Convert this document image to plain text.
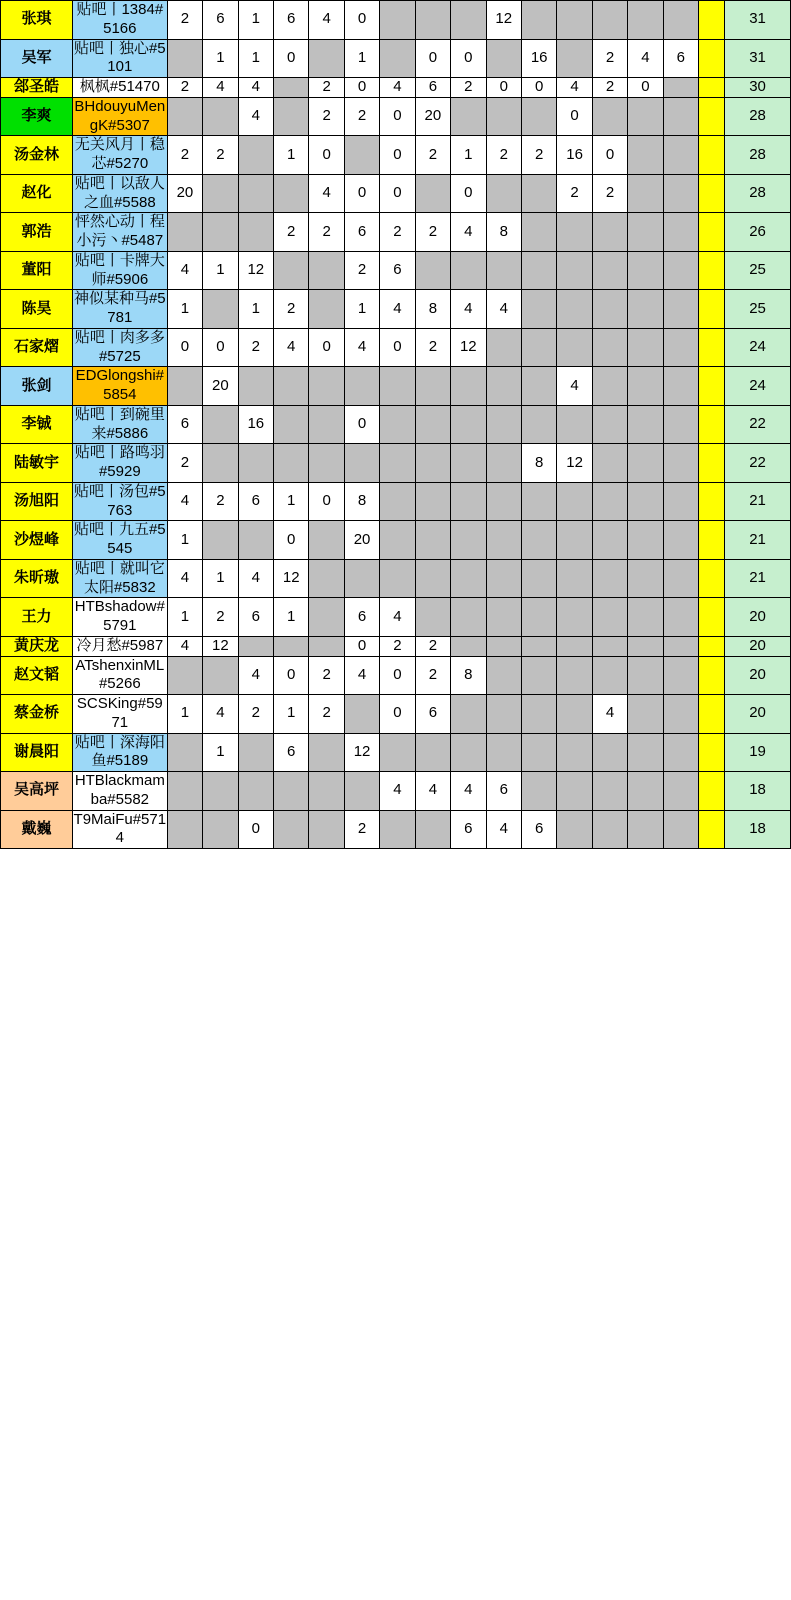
张琪	贴吧丨1384#5166	2	6	1	6	4	0				12							31
吴军	贴吧丨独心#5101		1	1	0		1		0	0		16		2	4	6		31
郐圣皓	枫枫#51470	2	4	4		2	0	4	6	2	0	0	4	2	0			30
李爽	BHdouyuMengK#5307			4		2	2	0	20				0					28
汤金林	无关风月丨稳芯#5270	2	2		1	0		0	2	1	2	2	16	0				28
赵化	贴吧丨以敌人之血#5588	20				4	0	0		0			2	2				28
郭浩	怦然心动丨程小污丶#5487				2	2	6	2	2	4	8							26
董阳	贴吧丨卡牌大师#5906	4	1	12			2	6										25
陈昊	神似某种马#5781	1		1	2		1	4	8	4	4							25
石家熠	贴吧丨肉多多#5725	0	0	2	4	0	4	0	2	12								24
张剑	EDGlongshi#5854		20										4					24
李铖	贴吧丨到碗里来#5886	6		16			0											22
陆敏宇	贴吧丨路鸣羽#5929	2										8	12					22
汤旭阳	贴吧丨汤包#5763	4	2	6	1	0	8											21
沙煜峰	贴吧丨九五#5545	1			0		20											21
朱昕璈	贴吧丨就叫它太阳#5832	4	1	4	12													21
王力	HTBshadow#5791	1	2	6	1		6	4										20
黄庆龙	冷月愁#5987	4	12				0	2	2									20
赵文韬	ATshenxinML#5266			4	0	2	4	0	2	8								20
蔡金桥	SCSKing#5971	1	4	2	1	2		0	6					4				20
谢晨阳	贴吧丨深海阳鱼#5189		1		6		12											19
吴高坪	HTBlackmamba#5582							4	4	4	6							18
戴巍	T9MaiFu#5714			0			2			6	4	6						18
